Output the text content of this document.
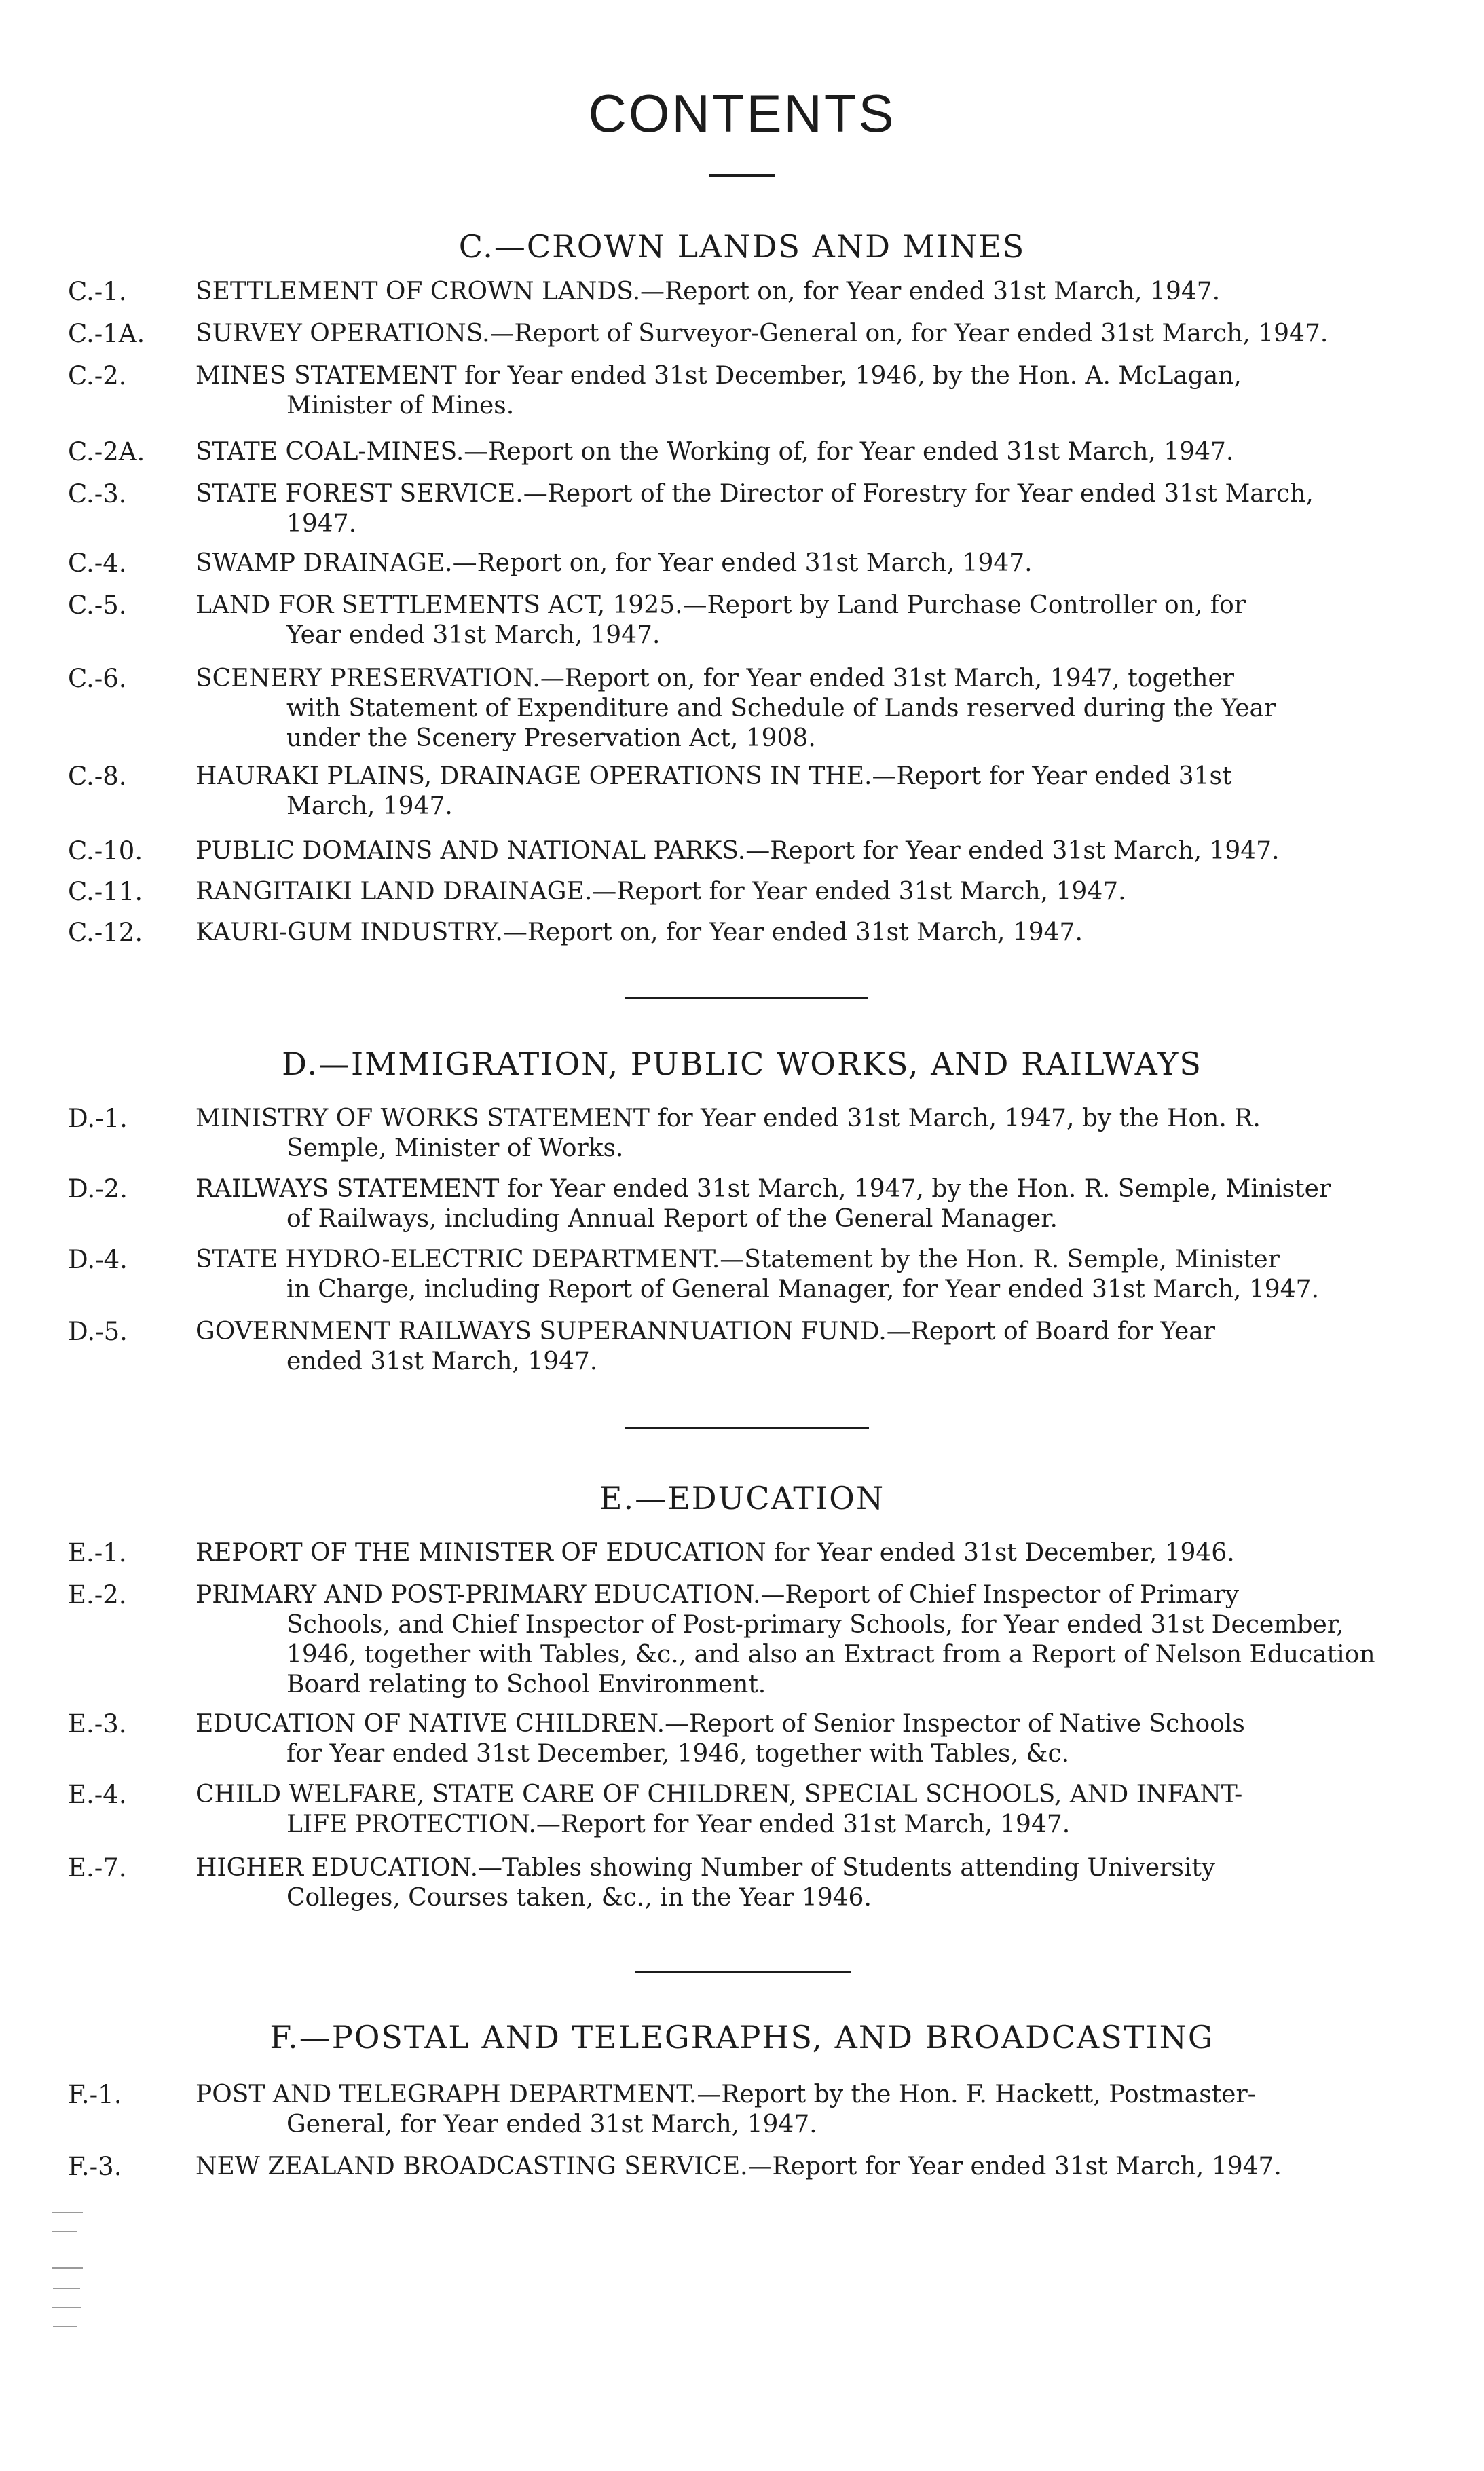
CONTENTS
C.—CROWN LANDS AND MINES
C.-1.	SETTLEMENT OF CROWN LANDS.—Report on, for Year ended 31st March, 1947.
C.-1A. SURVEY OPERATIONS.—Report of Surveyor-General on, for Year ended 31st March, 1947.
C.-2.	MINES STATEMENT for Year ended 31st December, 1946, by the Hon. A. McLagan,
Minister of Mines.
C.-2A. STATE COAL-MINES.—Report on the Working of, for Year ended 31st March, 1947.
C.-3.	STATE FOREST SERVICE.—Report of the Director of Forestry for Year ended 31st March,
1947.
C.-4.	SWAMP DRAINAGE.—Report on, for Year ended 31st March, 1947.
C.-5.	LAND FOR SETTLEMENTS ACT, 1925.—Report by Land Purchase Controller on, for
Year ended 31st March, 1947.
C.-6.	SCENERY PRESERVATION.—Report on, for Year ended 31st March, 1947, together
with Statement of Expenditure and Schedule of Lands reserved during the Year
under the Scenery Preservation Act, 1908.
C.-8.	HAURAKI PLAINS, DRAINAGE OPERATIONS IN THE.—Report for Year ended 31st
March, 1947.
C.-10. PUBLIC DOMAINS AND NATIONAL PARKS.—Report for Year ended 31st March, 1947.
C.-11. RANGITAIKI LAND DRAINAGE.—Report for Year ended 31st March, 1947.
C.-12. KAURI-GUM INDUSTRY.—Report on, for Year ended 31st March, 1947.
D.—IMMIGRATION, PUBLIC WORKS, AND RAILWAYS
D.-1.	MINISTRY OF WORKS STATEMENT for Year ended 31st March, 1947, by the Hon. R.
Semple, Minister of Works.
D.-2.	RAILWAYS STATEMENT for Year ended 31st March, 1947, by the Hon. R. Semple, Minister
of Railways, including Annual Report of the General Manager.
D.-4.	STATE HYDRO-ELECTRIC DEPARTMENT.—Statement by the Hon. R. Semple, Minister
in Charge, including Report of General Manager, for Year ended 31st March, 1947.
D.-5.	GOVERNMENT RAILWAYS SUPERANNUATION FUND.—Report of Board for Year
ended 31st March, 1947.
E.—EDUCATION
E.-1.	REPORT OF THE MINISTER OF EDUCATION for Year ended 31st December, 1946.
E.-2.	PRIMARY AND POST-PRIMARY EDUCATION.—Report of Chief Inspector of Primary
Schools, and Chief Inspector of Post-primary Schools, for Year ended 31st December,
1946, together with Tables, &c., and also an Extract from a Report of Nelson Education
Board relating to School Environment.
E.-3.	EDUCATION OF NATIVE CHILDREN.—Report of Senior Inspector of Native Schools
for Year ended 31st December, 1946, together with Tables, &c.
E.-4.	CHILD WELFARE, STATE CARE OF CHILDREN, SPECIAL SCHOOLS, AND INFANT-
LIFE PROTECTION.—Report for Year ended 31st March, 1947.
E.-7.	HIGHER EDUCATION.—Tables showing Number of Students attending University
Colleges, Courses taken, &c., in the Year 1946.
F.—POSTAL AND TELEGRAPHS, AND BROADCASTING
F.-1.	POST AND TELEGRAPH DEPARTMENT.—Report by the Hon. F. Hackett, Postmaster-
General, for Year ended 31st March, 1947.
F.-3.	NEW ZEALAND BROADCASTING SERVICE.—Report for Year ended 31st March, 1947.
